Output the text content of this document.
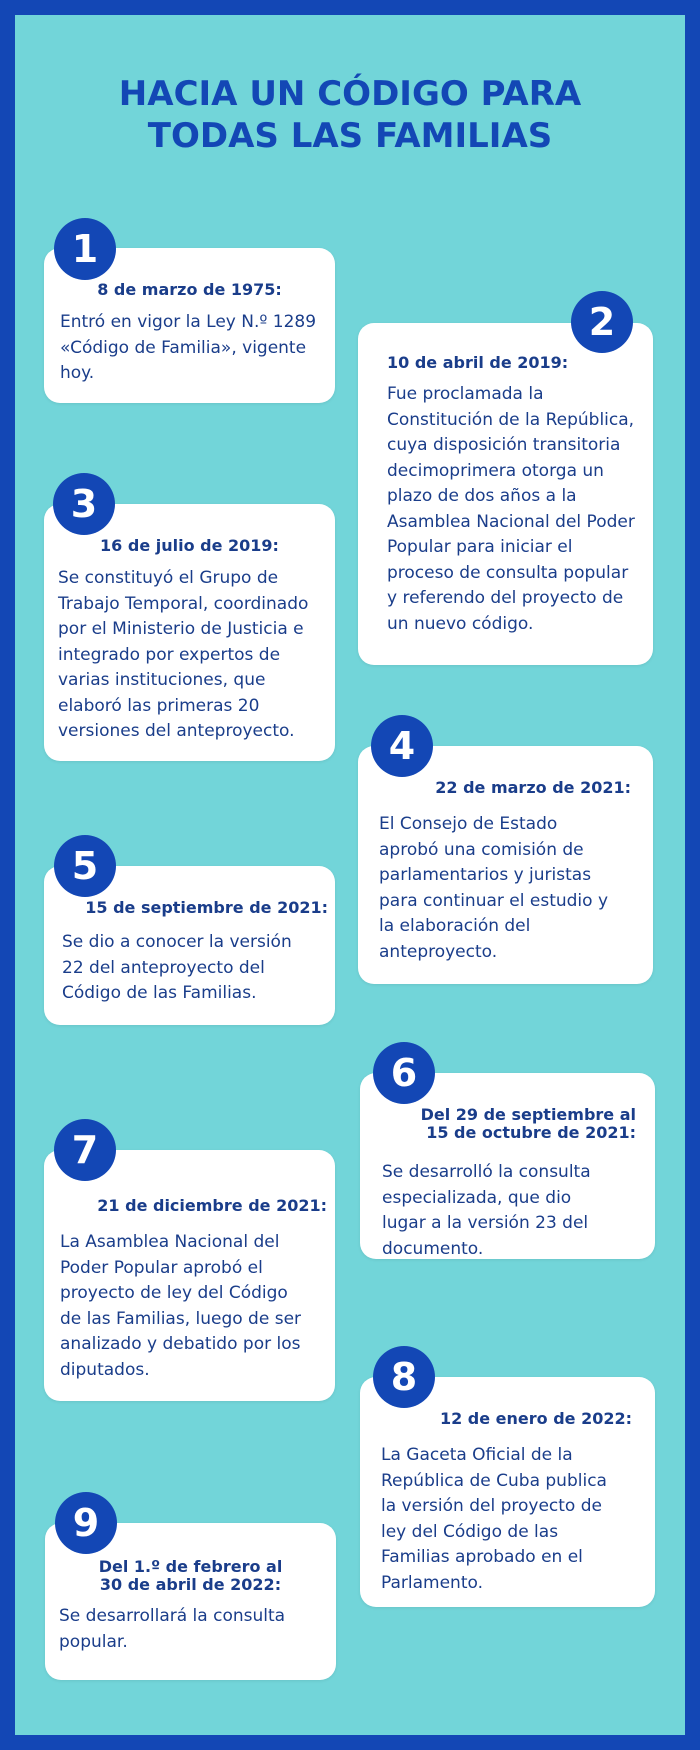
HACIA UN CÓDIGO PARA
TODAS LAS FAMILIAS
1
8 de marzo de 1975:
Entró en vigor la Ley N.º 1289 «Código de Familia», vigente hoy.
2
10 de abril de 2019:
Fue proclamada la Constitución de la República, cuya disposición transitoria decimoprimera otorga un plazo de dos años a la Asamblea Nacional del Poder Popular para iniciar el proceso de consulta popular y referendo del proyecto de un nuevo código.
3
16 de julio de 2019:
Se constituyó el Grupo de Trabajo Temporal, coordinado por el Ministerio de Justicia e integrado por expertos de varias instituciones, que elaboró las primeras 20 versiones del anteproyecto.	4
22 de marzo de 2021:
El Consejo de Estado aprobó una comisión de parlamentarios y juristas para continuar el estudio y la elaboración del anteproyecto.
5
15 de septiembre de 2021:
Se dio a conocer la versión 22 del anteproyecto del Código de las Familias.
6
Del 29 de septiembre al
15 de octubre de 2021:
Se desarrolló la consulta especializada, que dio lugar a la versión 23 del documento.
7
21 de diciembre de 2021:
La Asamblea Nacional del Poder Popular aprobó el proyecto de ley del Código de las Familias, luego de ser analizado y debatido por los diputados.	8
12 de enero de 2022:
La Gaceta Oficial de la República de Cuba publica la versión del proyecto de ley del Código de las Familias aprobado en el Parlamento.
9
Del 1.º de febrero al
30 de abril de 2022:
Se desarrollará la consulta popular.
